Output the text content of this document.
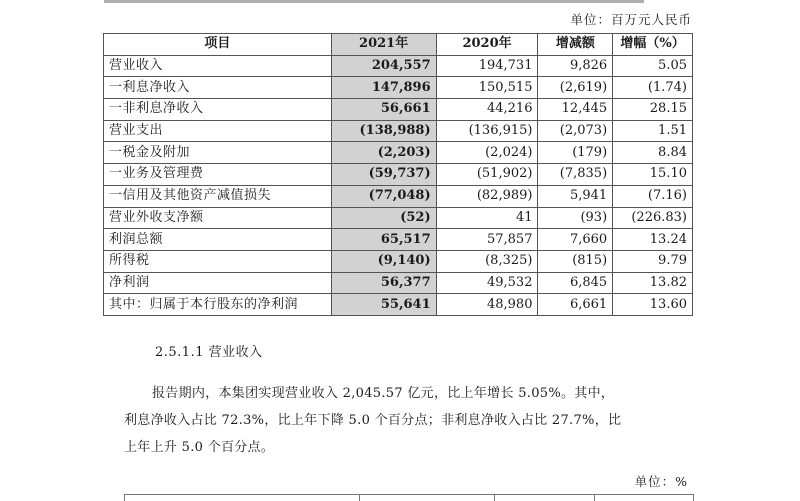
单位：百万元人民币
项目	2021年	2020年	增减额	增幅（%）
营业收入	204,557	194,731	9,826	5.05
一利息净收入	147,896	150,515	(2,619)	(1.74)
一非利息净收入	56,661	44,216	12,445	28.15
营业支出	(138,988)	(136,915)	(2,073)	1.51
一税金及附加	(2,203)	(2,024)	(179)	8.84
一业务及管理费	(59,737)	(51,902)	(7,835)	15.10
一信用及其他资产减值损失	(77,048)	(82,989)	5,941	(7.16)
营业外收支净额	(52)	41	(93)	(226.83)
利润总额	65,517	57,857	7,660	13.24
所得税	(9,140)	(8,325)	(815)	9.79
净利润	56,377	49,532	6,845	13.82
其中：归属于本行股东的净利润	55,641	48,980	6,661	13.60
2.5.1.1 营业收入
报告期内，本集团实现营业收入 2,045.57 亿元，比上年增长 5.05%。其中，
利息净收入占比 72.3%，比上年下降 5.0 个百分点；非利息净收入占比 27.7%，比
上年上升 5.0 个百分点。
单位：%
